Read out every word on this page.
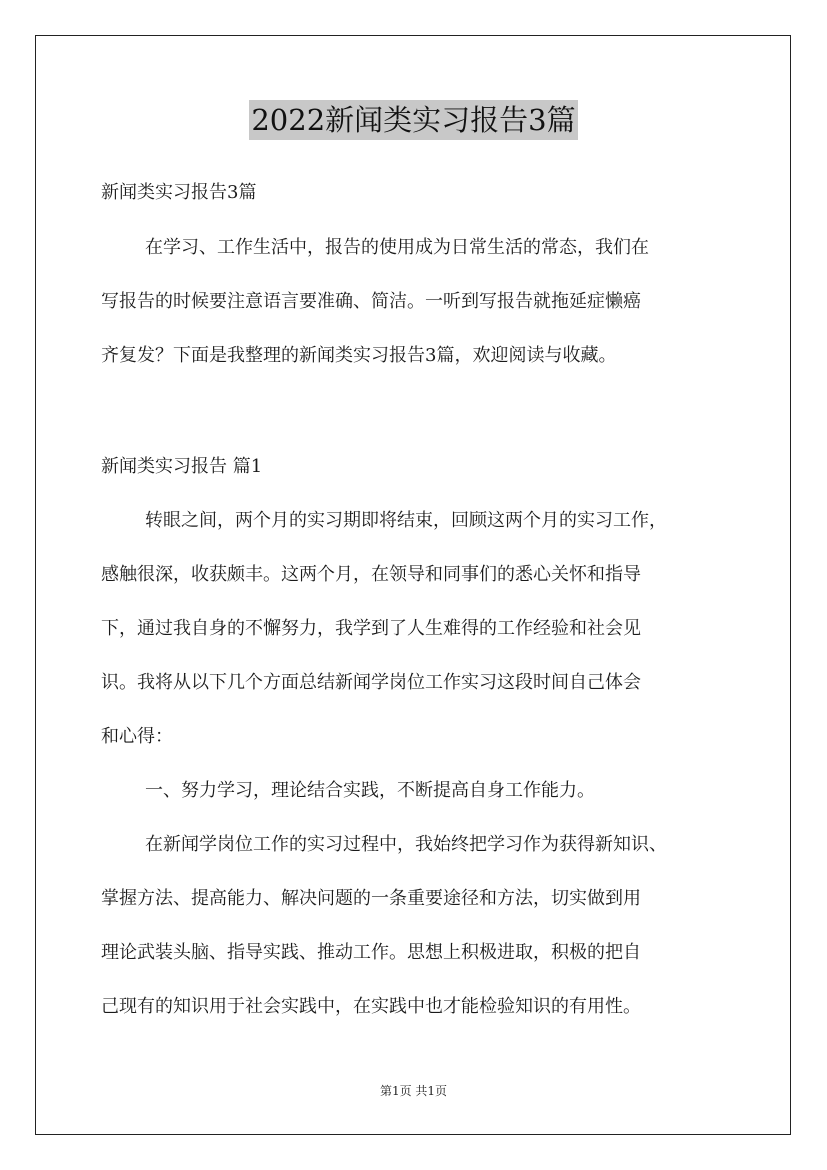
2022新闻类实习报告3篇
新闻类实习报告3篇
在学习、工作生活中，报告的使用成为日常生活的常态，我们在
写报告的时候要注意语言要准确、简洁。一听到写报告就拖延症懒癌
齐复发？下面是我整理的新闻类实习报告3篇，欢迎阅读与收藏。
新闻类实习报告 篇1
转眼之间，两个月的实习期即将结束，回顾这两个月的实习工作，
感触很深，收获颇丰。这两个月，在领导和同事们的悉心关怀和指导
下，通过我自身的不懈努力，我学到了人生难得的工作经验和社会见
识。我将从以下几个方面总结新闻学岗位工作实习这段时间自己体会
和心得：
一、努力学习，理论结合实践，不断提高自身工作能力。
在新闻学岗位工作的实习过程中，我始终把学习作为获得新知识、
掌握方法、提高能力、解决问题的一条重要途径和方法，切实做到用
理论武装头脑、指导实践、推动工作。思想上积极进取，积极的把自
己现有的知识用于社会实践中，在实践中也才能检验知识的有用性。
第1页 共1页
